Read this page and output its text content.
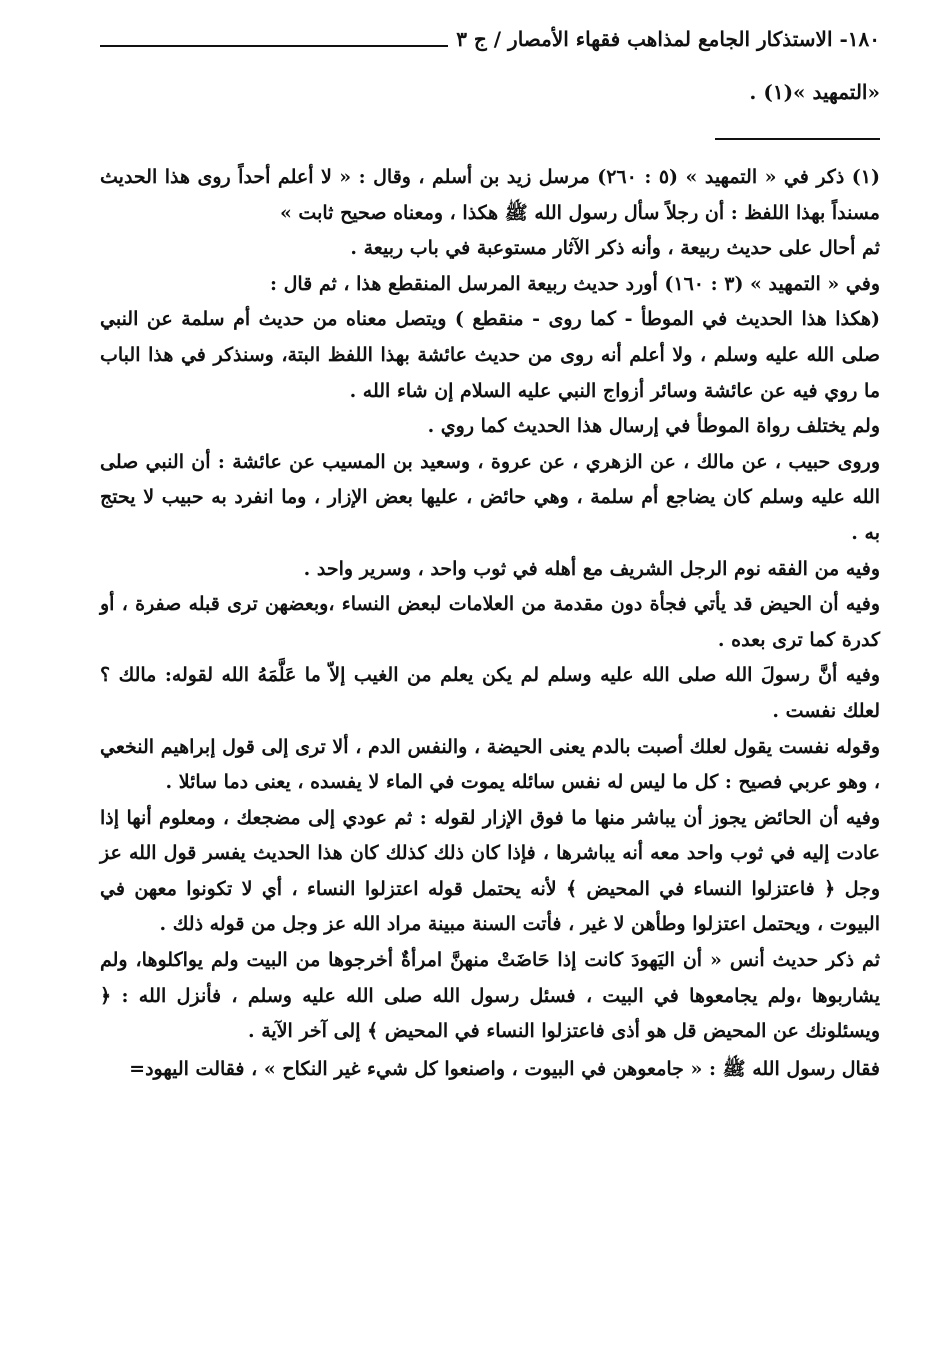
١٨٠- الاستذكار الجامع لمذاهب فقهاء الأمصار / ج ٣
«التمهيد »(١) .

(١) ذكر في « التمهيد » (٥ : ٢٦٠) مرسل زيد بن أسلم ، وقال : « لا أعلم أحداً روى هذا الحديث مسنداً بهذا اللفظ : أن رجلاً سأل رسول الله ﷺ هكذا ، ومعناه صحيح ثابت »

ثم أحال على حديث ربيعة ، وأنه ذكر الآثار مستوعبة في باب ربيعة .

وفي « التمهيد » (٣ : ١٦٠) أورد حديث ربيعة المرسل المنقطع هذا ، ثم قال :

(هكذا هذا الحديث في الموطأ - كما روى - منقطع ) ويتصل معناه من حديث أم سلمة عن النبي صلى الله عليه وسلم ، ولا أعلم أنه روى من حديث عائشة بهذا اللفظ البتة، وسنذكر في هذا الباب ما روي فيه عن عائشة وسائر أزواج النبي عليه السلام إن شاء الله .

ولم يختلف رواة الموطأ في إرسال هذا الحديث كما روي .

وروى حبيب ، عن مالك ، عن الزهري ، عن عروة ، وسعيد بن المسيب عن عائشة : أن النبي صلى الله عليه وسلم كان يضاجع أم سلمة ، وهي حائض ، عليها بعض الإزار ، وما انفرد به حبيب لا يحتج به .

وفيه من الفقه نوم الرجل الشريف مع أهله في ثوب واحد ، وسرير واحد .

وفيه أن الحيض قد يأتي فجأة دون مقدمة من العلامات لبعض النساء ،وبعضهن ترى قبله صفرة ، أو كدرة كما ترى بعده .

وفيه أنَّ رسولَ الله صلى الله عليه وسلم لم يكن يعلم من الغيب إلاّ ما عَلَّمَهُ الله لقوله: مالك ؟ لعلك نفست .

وقوله نفست يقول لعلك أصبت بالدم يعنى الحيضة ، والنفس الدم ، ألا ترى إلى قول إبراهيم النخعي ، وهو عربي فصيح : كل ما ليس له نفس سائله يموت في الماء لا يفسده ، يعنى دما سائلا .

وفيه أن الحائض يجوز أن يباشر منها ما فوق الإزار لقوله : ثم عودي إلى مضجعك ، ومعلوم أنها إذا عادت إليه في ثوب واحد معه أنه يباشرها ، فإذا كان ذلك كذلك كان هذا الحديث يفسر قول الله عز وجل ﴿ فاعتزلوا النساء في المحيض ﴾ لأنه يحتمل قوله اعتزلوا النساء ، أي لا تكونوا معهن في البيوت ، ويحتمل اعتزلوا وطأهن لا غير ، فأتت السنة مبينة مراد الله عز وجل من قوله ذلك .

ثم ذكر حديث أنس « أن اليَهودَ كانت إذا حَاضَتْ منهنَّ امرأةٌ أخرجوها من البيت ولم يواكلوها، ولم يشاربوها ،ولم يجامعوها في البيت ، فسئل رسول الله صلى الله عليه وسلم ، فأنزل الله : ﴿ ويسئلونك عن المحيض قل هو أذى فاعتزلوا النساء في المحيض ﴾ إلى آخر الآية .

فقال رسول الله ﷺ : « جامعوهن في البيوت ، واصنعوا كل شيء غير النكاح » ، فقالت اليهود=
